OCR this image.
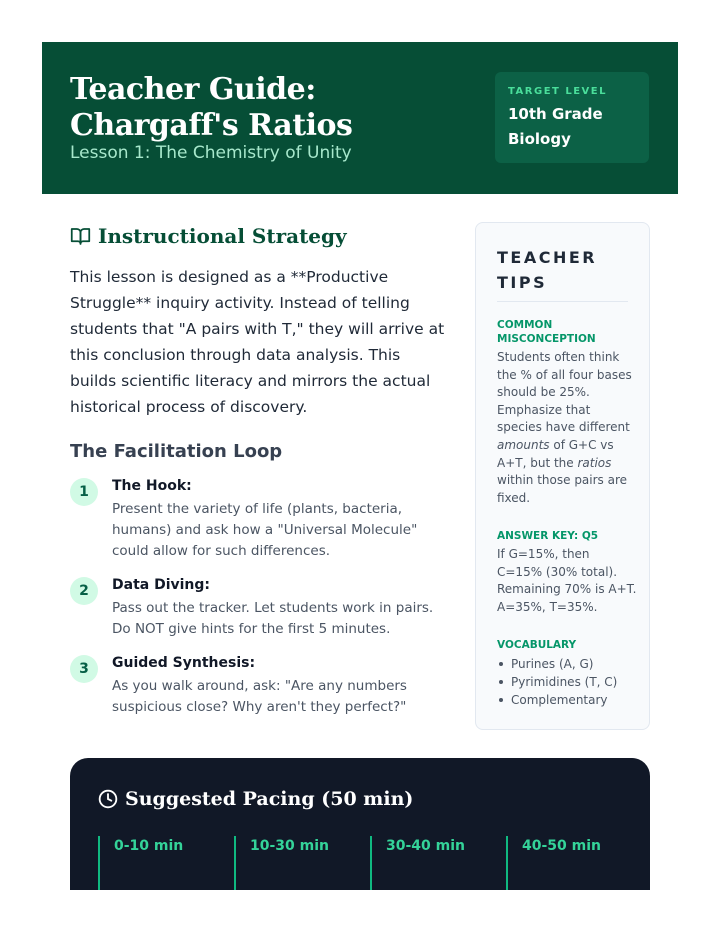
Teacher Guide: Chargaff's Ratios
Lesson 1: The Chemistry of Unity
TARGET LEVEL
10th Grade Biology
Instructional Strategy

This lesson is designed as a **Productive Struggle** inquiry activity. Instead of telling students that "A pairs with T," they will arrive at this conclusion through data analysis. This builds scientific literacy and mirrors the actual historical process of discovery.

The Facilitation Loop
1	The Hook:
Present the variety of life (plants, bacteria, humans) and ask how a "Universal Molecule" could allow for such differences.
2	Data Diving:
Pass out the tracker. Let students work in pairs. Do NOT give hints for the first 5 minutes.
3	Guided Synthesis:
As you walk around, ask: "Are any numbers suspicious close? Why aren't they perfect?"
TEACHER TIPS
COMMON MISCONCEPTION
Students often think the % of all four bases should be 25%. Emphasize that species have different amounts of G+C vs A+T, but the ratios within those pairs are fixed.
ANSWER KEY: Q5
If G=15%, then C=15% (30% total). Remaining 70% is A+T. A=35%, T=35%.
VOCABULARY
Purines (A, G)
Pyrimidines (T, C)
Complementary
Suggested Pacing (50 min)
0-10 min	10-30 min	30-40 min	40-50 min
